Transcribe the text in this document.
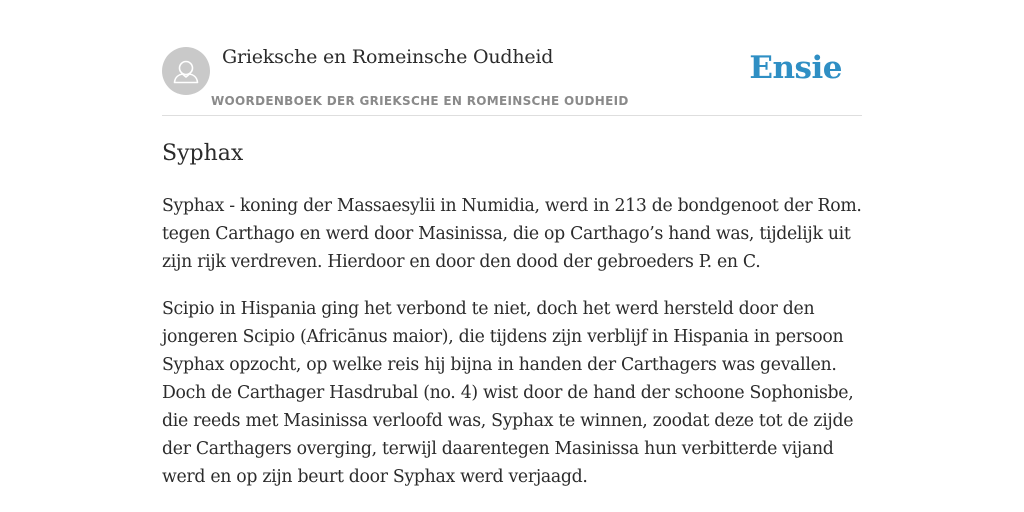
Grieksche en Romeinsche Oudheid
WOORDENBOEK DER GRIEKSCHE EN ROMEINSCHE OUDHEID
Ensie
Syphax

Syphax - koning der Massaesylii in Numidia, werd in 213 de bondgenoot der Rom. tegen Carthago en werd door Masinissa, die op Carthago’s hand was, tijdelijk uit zijn rijk verdreven. Hierdoor en door den dood der gebroeders P. en C.

Scipio in Hispania ging het verbond te niet, doch het werd hersteld door den jongeren Scipio (Africānus maior), die tijdens zijn verblijf in Hispania in persoon Syphax opzocht, op welke reis hij bijna in handen der Carthagers was gevallen. Doch de Carthager Hasdrubal (no. 4) wist door de hand der schoone Sophonisbe, die reeds met Masinissa verloofd was, Syphax te winnen, zoodat deze tot de zijde der Carthagers overging, terwijl daarentegen Masinissa hun verbitterde vijand werd en op zijn beurt door Syphax werd verjaagd.
